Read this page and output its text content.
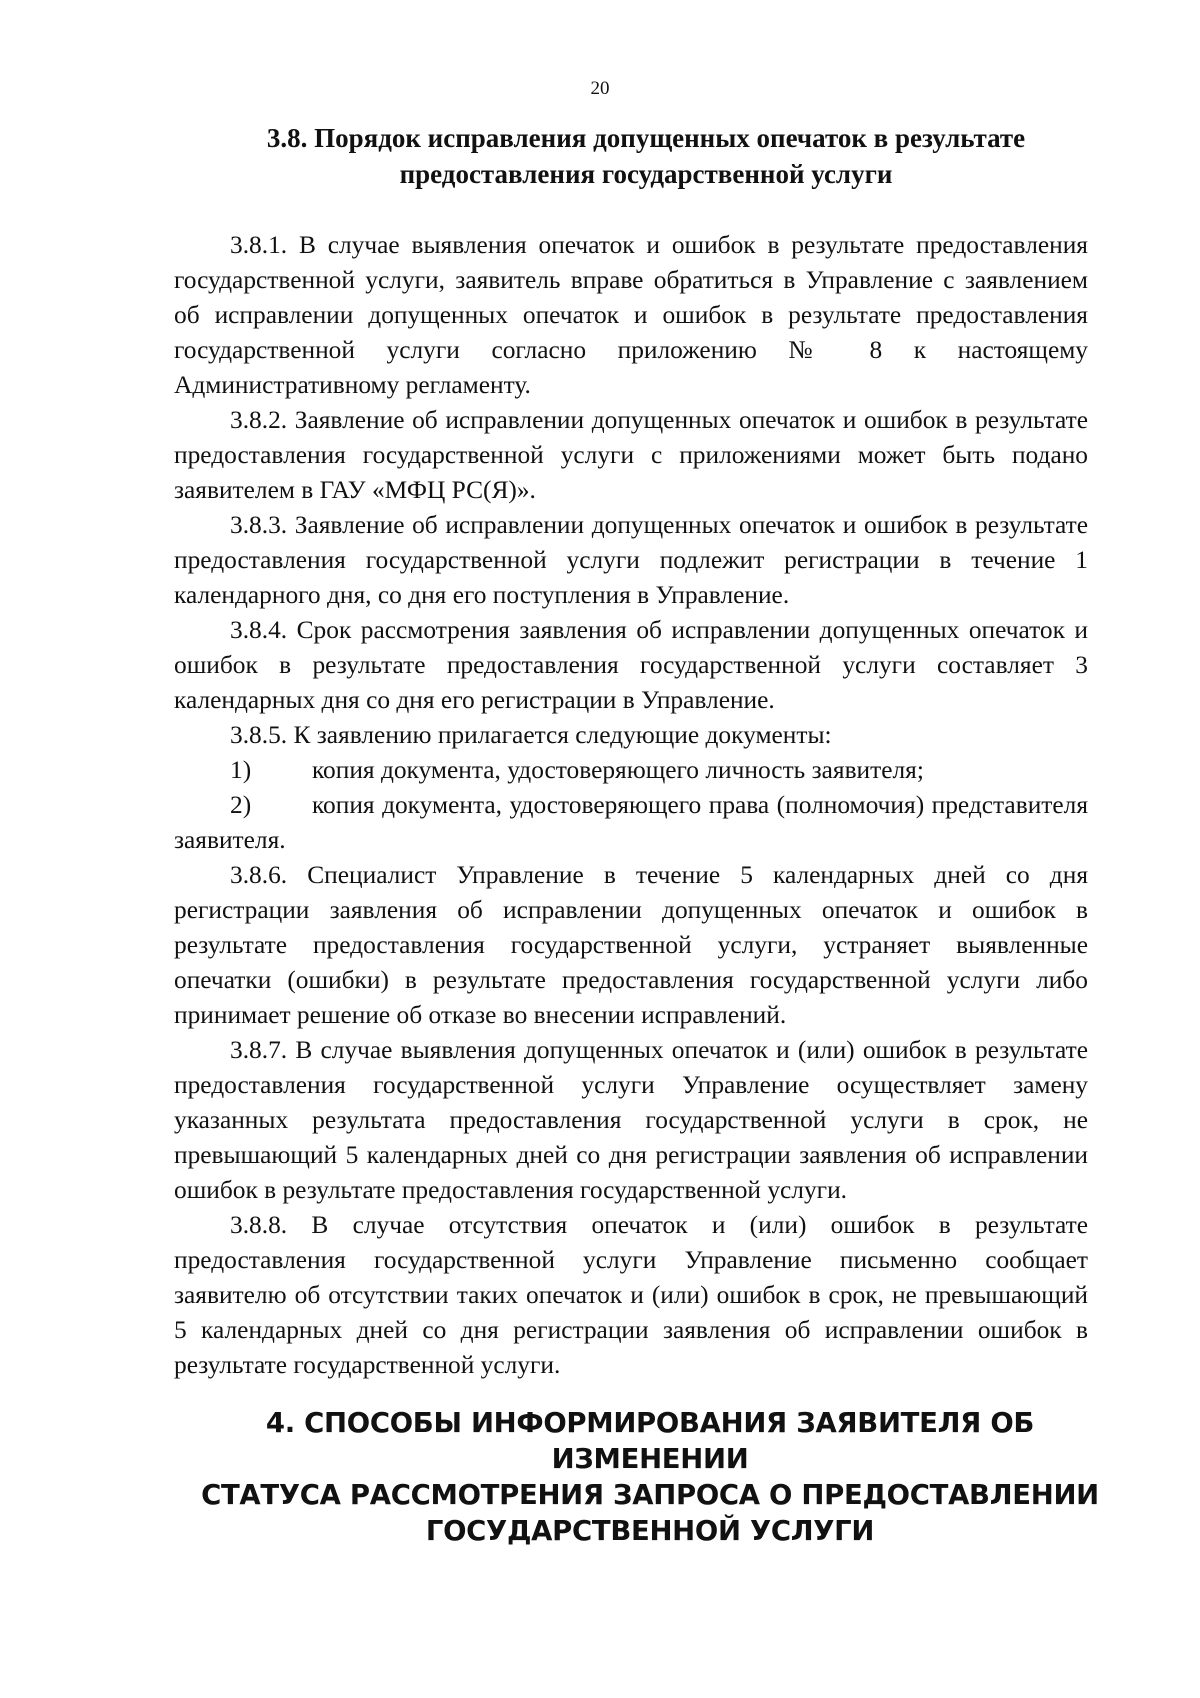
20
3.8. Порядок исправления допущенных опечаток в результате
предоставления государственной услуги

3.8.1. В случае выявления опечаток и ошибок в результате предоставления государственной услуги, заявитель вправе обратиться в Управление с заявлением об исправлении допущенных опечаток и ошибок в результате предоставления государственной услуги согласно приложению № 8 к настоящему Административному регламенту.

3.8.2. Заявление об исправлении допущенных опечаток и ошибок в результате предоставления государственной услуги с приложениями может быть подано заявителем в ГАУ «МФЦ РС(Я)».

3.8.3. Заявление об исправлении допущенных опечаток и ошибок в результате предоставления государственной услуги подлежит регистрации в течение 1 календарного дня, со дня его поступления в Управление.

3.8.4. Срок рассмотрения заявления об исправлении допущенных опечаток и ошибок в результате предоставления государственной услуги составляет 3 календарных дня со дня его регистрации в Управление.

3.8.5. К заявлению прилагается следующие документы:

1) копия документа, удостоверяющего личность заявителя;

2) копия документа, удостоверяющего права (полномочия) представителя заявителя.

3.8.6. Специалист Управление в течение 5 календарных дней со дня регистрации заявления об исправлении допущенных опечаток и ошибок в результате предоставления государственной услуги, устраняет выявленные опечатки (ошибки) в результате предоставления государственной услуги либо принимает решение об отказе во внесении исправлений.

3.8.7. В случае выявления допущенных опечаток и (или) ошибок в результате предоставления государственной услуги Управление осуществляет замену указанных результата предоставления государственной услуги в срок, не превышающий 5 календарных дней со дня регистрации заявления об исправлении ошибок в результате предоставления государственной услуги.

3.8.8. В случае отсутствия опечаток и (или) ошибок в результате предоставления государственной услуги Управление письменно сообщает заявителю об отсутствии таких опечаток и (или) ошибок в срок, не превышающий 5 календарных дней со дня регистрации заявления об исправлении ошибок в результате государственной услуги.

4. СПОСОБЫ ИНФОРМИРОВАНИЯ ЗАЯВИТЕЛЯ ОБ ИЗМЕНЕНИИ
СТАТУСА РАССМОТРЕНИЯ ЗАПРОСА О ПРЕДОСТАВЛЕНИИ
ГОСУДАРСТВЕННОЙ УСЛУГИ
